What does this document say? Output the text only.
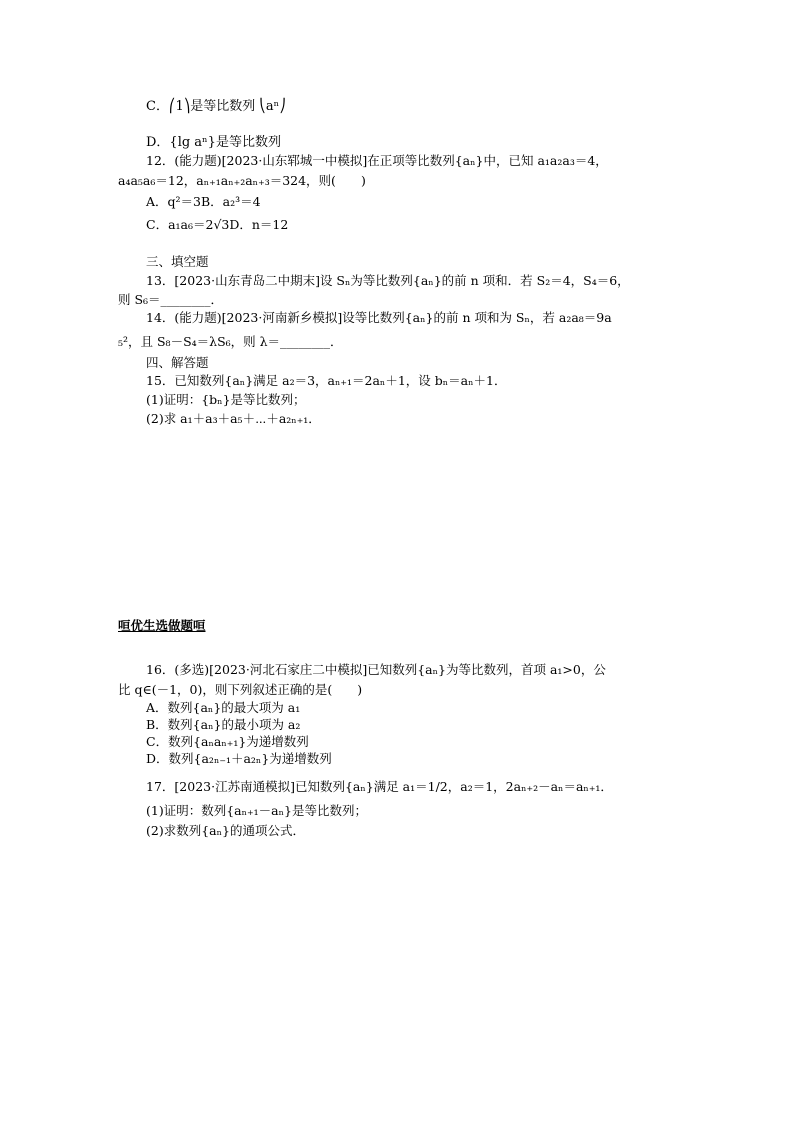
C．⎛1⎞是等比数列 ⎝aⁿ⎠
D．{lg aⁿ}是等比数列
12．(能力题)[2023·山东郓城一中模拟]在正项等比数列{aₙ}中，已知 a₁a₂a₃＝4，
a₄a₅a₆＝12，aₙ₊₁aₙ₊₂aₙ₊₃＝324，则(　　)
A．q²＝3B．a₂³＝4
C．a₁a₆＝2√3D．n＝12
三、填空题
13．[2023·山东青岛二中期末]设 Sₙ为等比数列{aₙ}的前 n 项和．若 S₂＝4，S₄＝6，
则 S₆＝________．
14．(能力题)[2023·河南新乡模拟]设等比数列{aₙ}的前 n 项和为 Sₙ，若 a₂a₈＝9a
₅²，且 S₈－S₄＝λS₆，则 λ＝________．
四、解答题
15．已知数列{aₙ}满足 a₂＝3，aₙ₊₁＝2aₙ＋1，设 bₙ＝aₙ＋1．
(1)证明：{bₙ}是等比数列；
(2)求 a₁＋a₃＋a₅＋⋯＋a₂ₙ₊₁．
咺优生选做题咺
16．(多选)[2023·河北石家庄二中模拟]已知数列{aₙ}为等比数列，首项 a₁>0，公
比 q∈(－1，0)，则下列叙述正确的是(　　)
A．数列{aₙ}的最大项为 a₁
B．数列{aₙ}的最小项为 a₂
C．数列{aₙaₙ₊₁}为递增数列
D．数列{a₂ₙ₋₁＋a₂ₙ}为递增数列
17．[2023·江苏南通模拟]已知数列{aₙ}满足 a₁＝1/2，a₂＝1，2aₙ₊₂－aₙ＝aₙ₊₁．
(1)证明：数列{aₙ₊₁－aₙ}是等比数列；
(2)求数列{aₙ}的通项公式．
